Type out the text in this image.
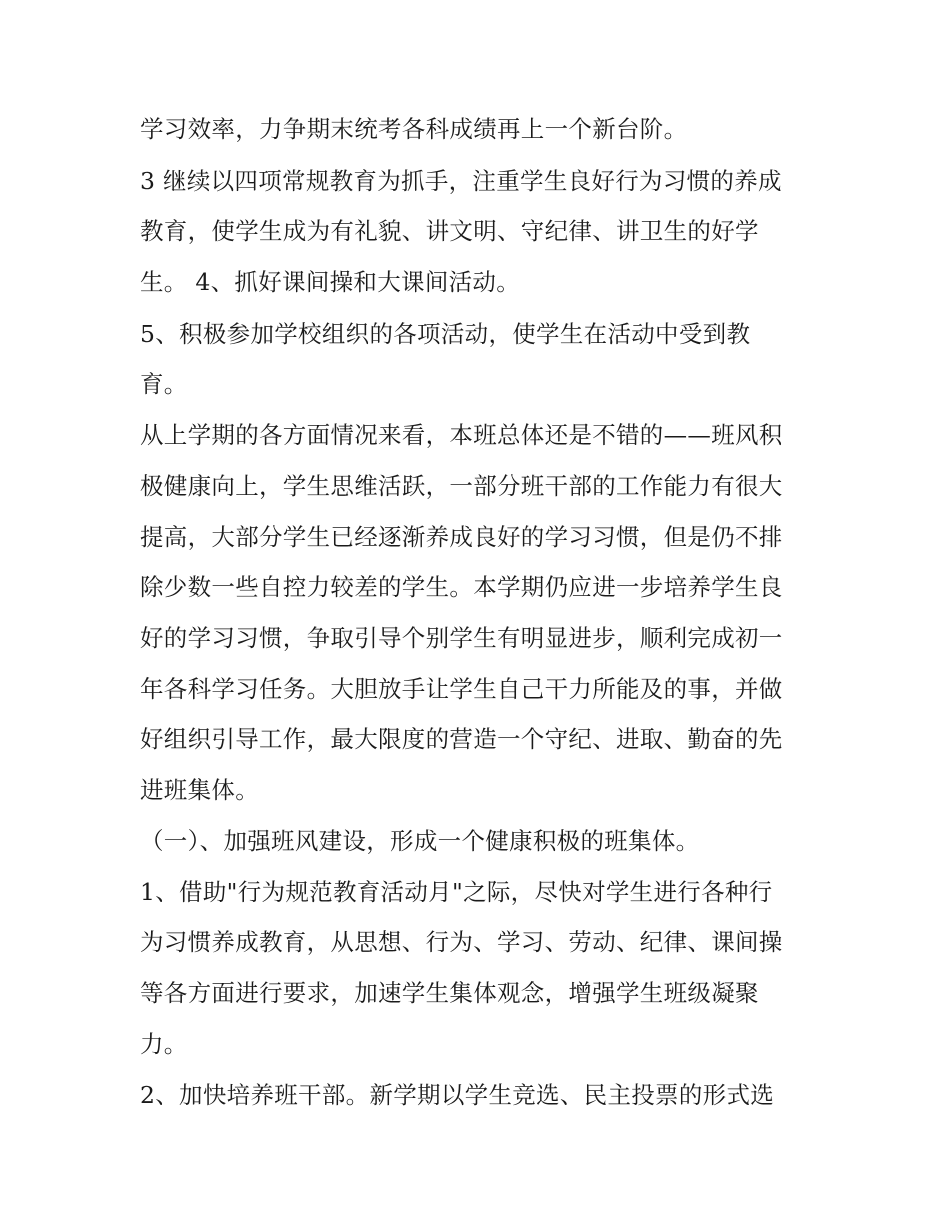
学习效率，力争期末统考各科成绩再上一个新台阶。
3 继续以四项常规教育为抓手，注重学生良好行为习惯的养成
教育，使学生成为有礼貌、讲文明、守纪律、讲卫生的好学
生。 4、抓好课间操和大课间活动。
5、积极参加学校组织的各项活动，使学生在活动中受到教
育。
从上学期的各方面情况来看，本班总体还是不错的——班风积
极健康向上，学生思维活跃，一部分班干部的工作能力有很大
提高，大部分学生已经逐渐养成良好的学习习惯，但是仍不排
除少数一些自控力较差的学生。本学期仍应进一步培养学生良
好的学习习惯，争取引导个别学生有明显进步，顺利完成初一
年各科学习任务。大胆放手让学生自己干力所能及的事，并做
好组织引导工作，最大限度的营造一个守纪、进取、勤奋的先
进班集体。
（一）、加强班风建设，形成一个健康积极的班集体。
1、借助"行为规范教育活动月"之际，尽快对学生进行各种行
为习惯养成教育，从思想、行为、学习、劳动、纪律、课间操
等各方面进行要求，加速学生集体观念，增强学生班级凝聚
力。
2、加快培养班干部。新学期以学生竞选、民主投票的形式选
